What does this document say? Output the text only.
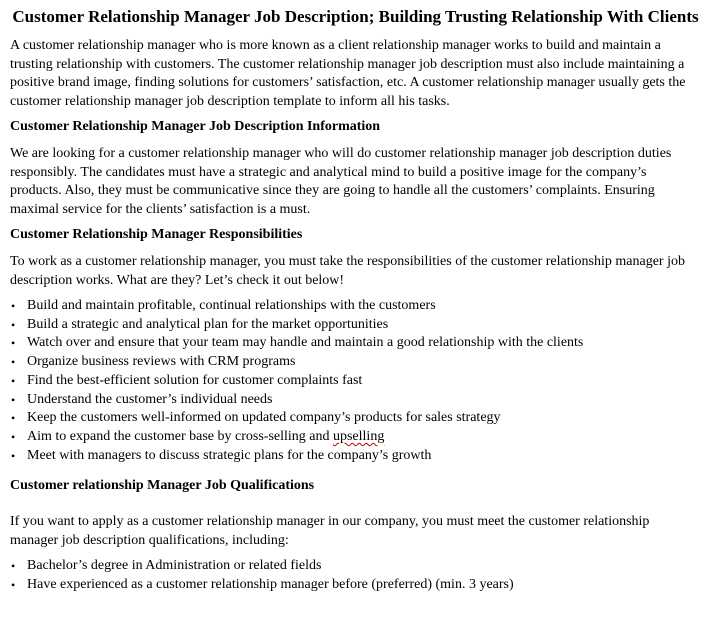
Customer Relationship Manager Job Description; Building Trusting Relationship With Clients

A customer relationship manager who is more known as a client relationship manager works to build and maintain a trusting relationship with customers. The customer relationship manager job description must also include maintaining a positive brand image, finding solutions for customers’ satisfaction, etc. A customer relationship manager usually gets the customer relationship manager job description template to inform all his tasks.

Customer Relationship Manager Job Description Information

We are looking for a customer relationship manager who will do customer relationship manager job description duties responsibly. The candidates must have a strategic and analytical mind to build a positive image for the company’s products. Also, they must be communicative since they are going to handle all the customers’ complaints. Ensuring maximal service for the clients’ satisfaction is a must.

Customer Relationship Manager Responsibilities

To work as a customer relationship manager, you must take the responsibilities of the customer relationship manager job description works. What are they? Let’s check it out below!

• Build and maintain profitable, continual relationships with the customers
• Build a strategic and analytical plan for the market opportunities
• Watch over and ensure that your team may handle and maintain a good relationship with the clients
• Organize business reviews with CRM programs
• Find the best-efficient solution for customer complaints fast
• Understand the customer’s individual needs
• Keep the customers well-informed on updated company’s products for sales strategy
• Aim to expand the customer base by cross-selling and upselling
• Meet with managers to discuss strategic plans for the company’s growth
Customer relationship Manager Job Qualifications

If you want to apply as a customer relationship manager in our company, you must meet the customer relationship manager job description qualifications, including:

• Bachelor’s degree in Administration or related fields
• Have experienced as a customer relationship manager before (preferred) (min. 3 years)
